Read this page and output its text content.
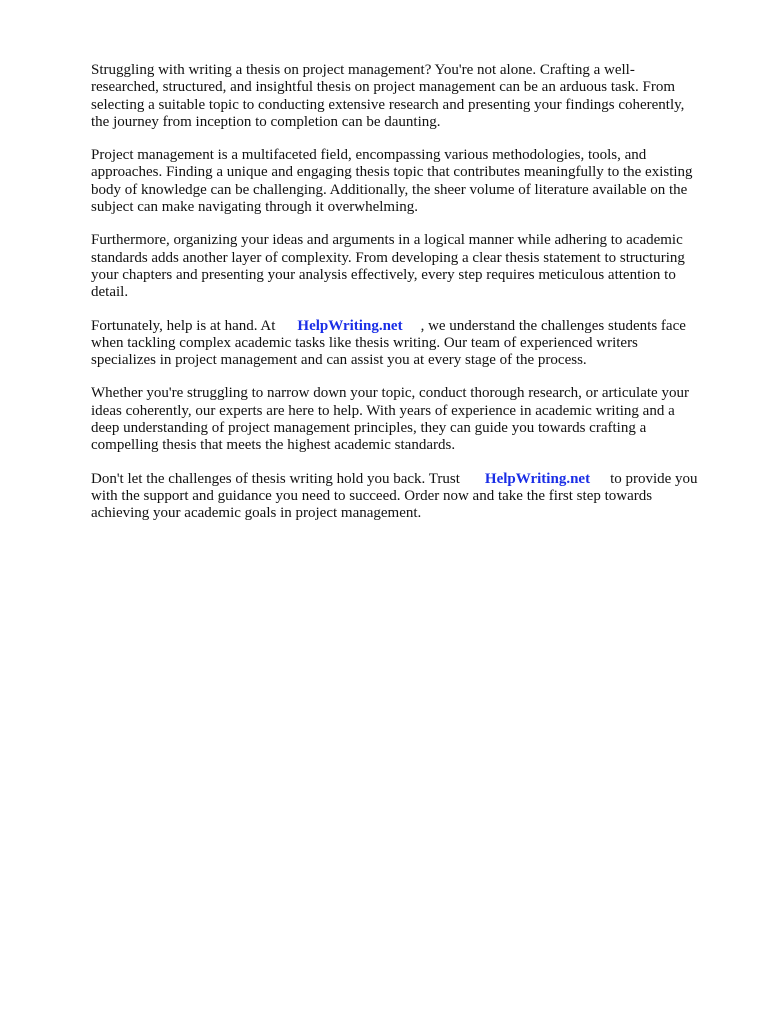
Struggling with writing a thesis on project management? You're not alone. Crafting a well-
researched, structured, and insightful thesis on project management can be an arduous task. From
selecting a suitable topic to conducting extensive research and presenting your findings coherently,
the journey from inception to completion can be daunting.

Project management is a multifaceted field, encompassing various methodologies, tools, and
approaches. Finding a unique and engaging thesis topic that contributes meaningfully to the existing
body of knowledge can be challenging. Additionally, the sheer volume of literature available on the
subject can make navigating through it overwhelming.

Furthermore, organizing your ideas and arguments in a logical manner while adhering to academic
standards adds another layer of complexity. From developing a clear thesis statement to structuring
your chapters and presenting your analysis effectively, every step requires meticulous attention to
detail.

Fortunately, help is at hand. At HelpWriting.net , we understand the challenges students face
when tackling complex academic tasks like thesis writing. Our team of experienced writers
specializes in project management and can assist you at every stage of the process.

Whether you're struggling to narrow down your topic, conduct thorough research, or articulate your
ideas coherently, our experts are here to help. With years of experience in academic writing and a
deep understanding of project management principles, they can guide you towards crafting a
compelling thesis that meets the highest academic standards.

Don't let the challenges of thesis writing hold you back. Trust HelpWriting.net to provide you
with the support and guidance you need to succeed. Order now and take the first step towards
achieving your academic goals in project management.
